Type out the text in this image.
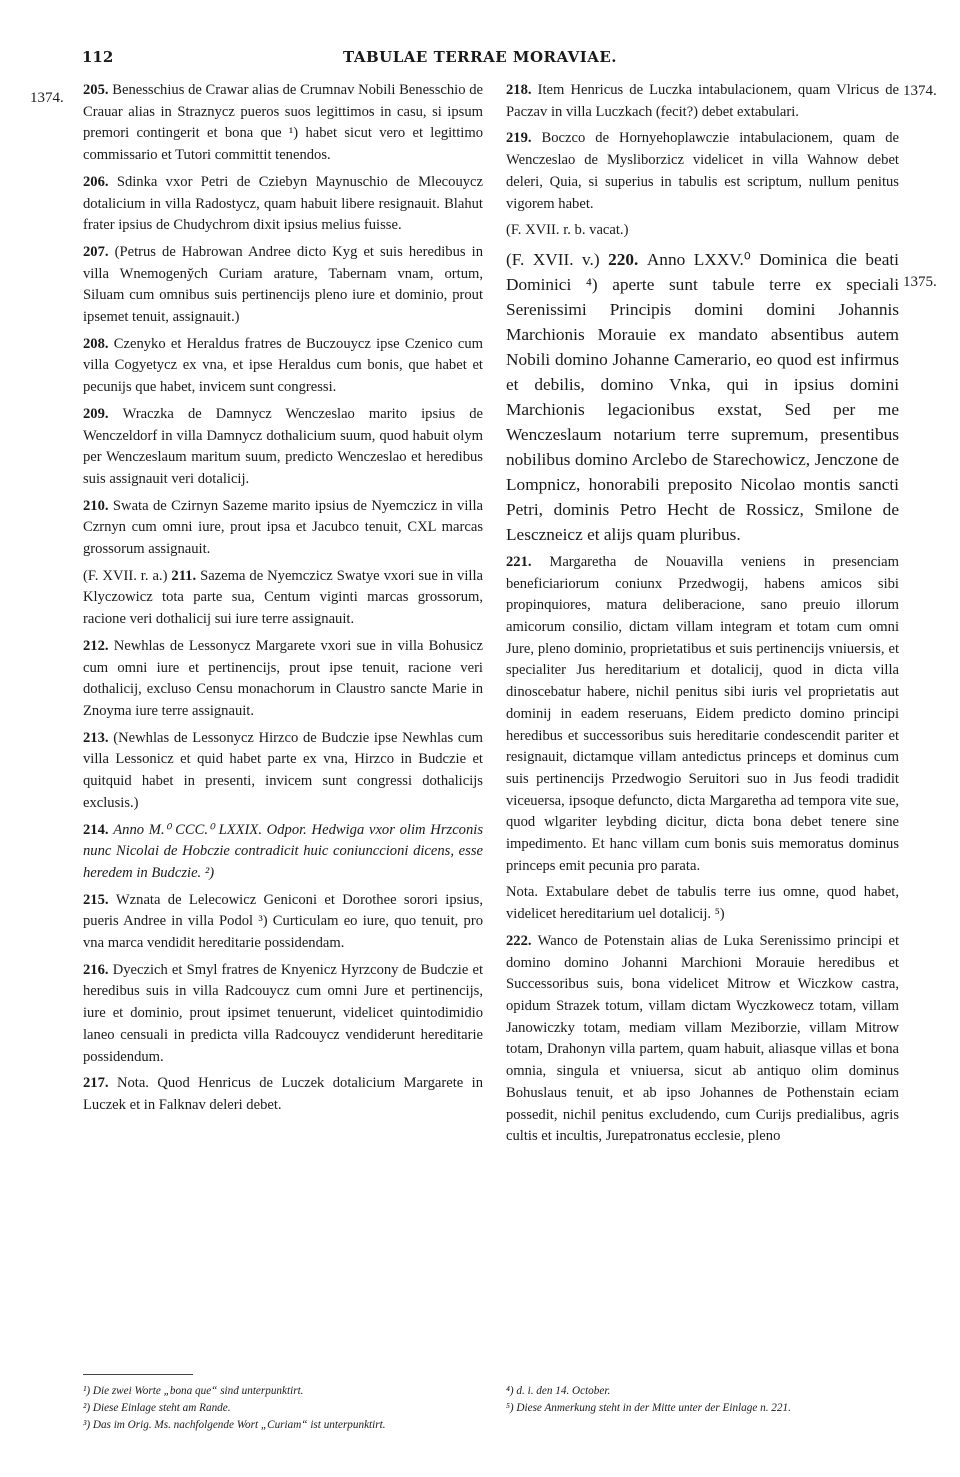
112	TABULAE TERRAE MORAVIAE.
1374.	1374.
1375.

205. Benesschius de Crawar alias de Crumnav Nobili Benesschio de Crauar alias in Straznycz pueros suos legittimos in casu, si ipsum premori contingerit et bona que ¹) habet sicut vero et legittimo commissario et Tutori committit tenendos.

206. Sdinka vxor Petri de Cziebyn Maynuschio de Mlecouycz dotalicium in villa Radostycz, quam habuit libere resignauit. Blahut frater ipsius de Chudychrom dixit ipsius melius fuisse.

207. (Petrus de Habrowan Andree dicto Kyg et suis heredibus in villa Wnemogeny̆ch Curiam arature, Tabernam vnam, ortum, Siluam cum omnibus suis pertinencijs pleno iure et dominio, prout ipsemet tenuit, assignauit.)

208. Czenyko et Heraldus fratres de Buczouycz ipse Czenico cum villa Cogyetycz ex vna, et ipse Heraldus cum bonis, que habet et pecunijs que habet, invicem sunt congressi.

209. Wraczka de Damnycz Wenczeslao marito ipsius de Wenczeldorf in villa Damnycz dothalicium suum, quod habuit olym per Wenczeslaum maritum suum, predicto Wenczeslao et heredibus suis assignauit veri dotalicij.

210. Swata de Czirnyn Sazeme marito ipsius de Nyemczicz in villa Czrnyn cum omni iure, prout ipsa et Jacubco tenuit, CXL marcas grossorum assignauit.

(F. XVII. r. a.) 211. Sazema de Nyemczicz Swatye vxori sue in villa Klyczowicz tota parte sua, Centum viginti marcas grossorum, racione veri dothalicij sui iure terre assignauit.

212. Newhlas de Lessonycz Margarete vxori sue in villa Bohusicz cum omni iure et pertinencijs, prout ipse tenuit, racione veri dothalicij, excluso Censu monachorum in Claustro sancte Marie in Znoyma iure terre assignauit.

213. (Newhlas de Lessonycz Hirzco de Budczie ipse Newhlas cum villa Lessonicz et quid habet parte ex vna, Hirzco in Budczie et quitquid habet in presenti, invicem sunt congressi dothalicijs exclusis.)

214. Anno M.⁰ CCC.⁰ LXXIX. Odpor. Hedwiga vxor olim Hrzconis nunc Nicolai de Hobczie contradicit huic coniunccioni dicens, esse heredem in Budczie. ²)

215. Wznata de Lelecowicz Geniconi et Dorothee sorori ipsius, pueris Andree in villa Podol ³) Curticulam eo iure, quo tenuit, pro vna marca vendidit hereditarie possidendam.

216. Dyeczich et Smyl fratres de Knyenicz Hyrzcony de Budczie et heredibus suis in villa Radcouycz cum omni Jure et pertinencijs, iure et dominio, prout ipsimet tenuerunt, videlicet quintodimidio laneo censuali in predicta villa Radcouycz vendiderunt hereditarie possidendum.

217. Nota. Quod Henricus de Luczek dotalicium Margarete in Luczek et in Falknav deleri debet.

218. Item Henricus de Luczka intabulacionem, quam Vlricus de Paczav in villa Luczkach (fecit?) debet extabulari.

219. Boczco de Hornyehoplawczie intabulacionem, quam de Wenczeslao de Mysliborzicz videlicet in villa Wahnow debet deleri, Quia, si superius in tabulis est scriptum, nullum penitus vigorem habet.

(F. XVII. r. b. vacat.)

(F. XVII. v.) 220. Anno LXXV.⁰ Dominica die beati Dominici ⁴) aperte sunt tabule terre ex speciali Serenissimi Principis domini domini Johannis Marchionis Morauie ex mandato absentibus autem Nobili domino Johanne Camerario, eo quod est infirmus et debilis, domino Vnka, qui in ipsius domini Marchionis legacionibus exstat, Sed per me Wenczeslaum notarium terre supremum, presentibus nobilibus domino Arclebo de Starechowicz, Jenczone de Lompnicz, honorabili preposito Nicolao montis sancti Petri, dominis Petro Hecht de Rossicz, Smilone de Lesczneicz et alijs quam pluribus.

221. Margaretha de Nouavilla veniens in presenciam beneficiariorum coniunx Przedwogij, habens amicos sibi propinquiores, matura deliberacione, sano preuio illorum amicorum consilio, dictam villam integram et totam cum omni Jure, pleno dominio, proprietatibus et suis pertinencijs vniuersis, et specialiter Jus hereditarium et dotalicij, quod in dicta villa dinoscebatur habere, nichil penitus sibi iuris vel proprietatis aut dominij in eadem reseruans, Eidem predicto domino principi heredibus et successoribus suis hereditarie condescendit pariter et resignauit, dictamque villam antedictus princeps et dominus cum suis pertinencijs Przedwogio Seruitori suo in Jus feodi tradidit viceuersa, ipsoque defuncto, dicta Margaretha ad tempora vite sue, quod wlgariter leybding dicitur, dicta bona debet tenere sine impedimento. Et hanc villam cum bonis suis memoratus dominus princeps emit pecunia pro parata.

Nota. Extabulare debet de tabulis terre ius omne, quod habet, videlicet hereditarium uel dotalicij. ⁵)

222. Wanco de Potenstain alias de Luka Serenissimo principi et domino domino Johanni Marchioni Morauie heredibus et Successoribus suis, bona videlicet Mitrow et Wiczkow castra, opidum Strazek totum, villam dictam Wyczkowecz totam, villam Janowiczky totam, mediam villam Meziborzie, villam Mitrow totam, Drahonyn villa partem, quam habuit, aliasque villas et bona omnia, singula et vniuersa, sicut ab antiquo olim dominus Bohuslaus tenuit, et ab ipso Johannes de Pothenstain eciam possedit, nichil penitus excludendo, cum Curijs predialibus, agris cultis et incultis, Jurepatronatus ecclesie, pleno

¹) Die zwei Worte „bona que“ sind unterpunktirt.
²) Diese Einlage steht am Rande.
³) Das im Orig. Ms. nachfolgende Wort „Curiam“ ist unterpunktirt.
⁴) d. i. den 14. October.
⁵) Diese Anmerkung steht in der Mitte unter der Einlage n. 221.
